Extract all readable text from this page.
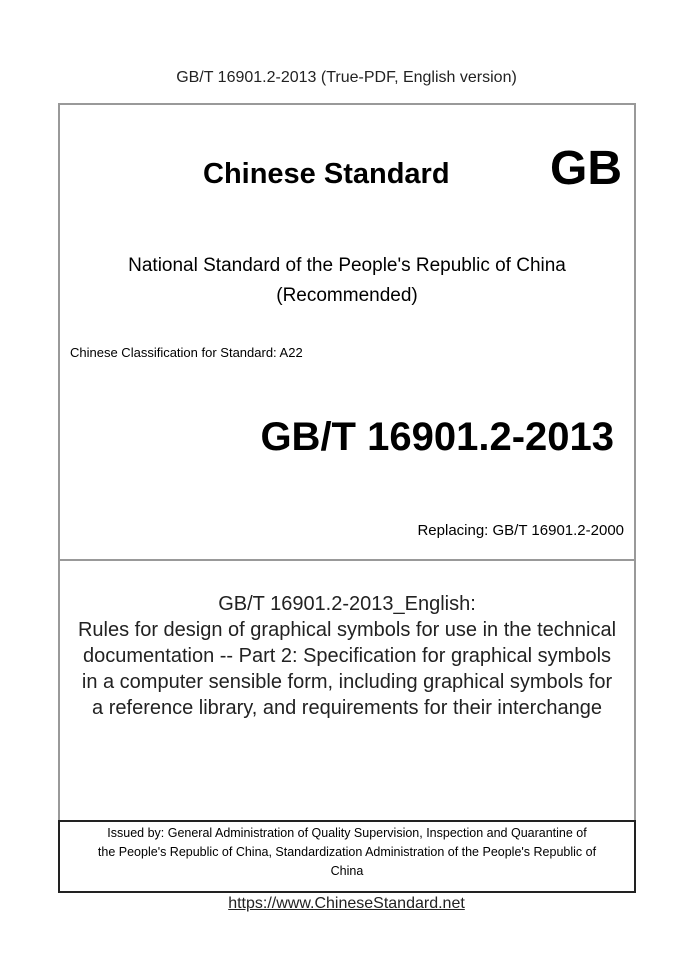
GB/T 16901.2-2013 (True-PDF, English version)
Chinese Standard GB
National Standard of the People's Republic of China
(Recommended)
Chinese Classification for Standard: A22
GB/T 16901.2-2013
Replacing: GB/T 16901.2-2000
GB/T 16901.2-2013_English:
Rules for design of graphical symbols for use in the technical
documentation -- Part 2: Specification for graphical symbols
in a computer sensible form, including graphical symbols for
a reference library, and requirements for their interchange
Issued by: General Administration of Quality Supervision, Inspection and Quarantine of
the People's Republic of China, Standardization Administration of the People's Republic of
China
https://www.ChineseStandard.net
